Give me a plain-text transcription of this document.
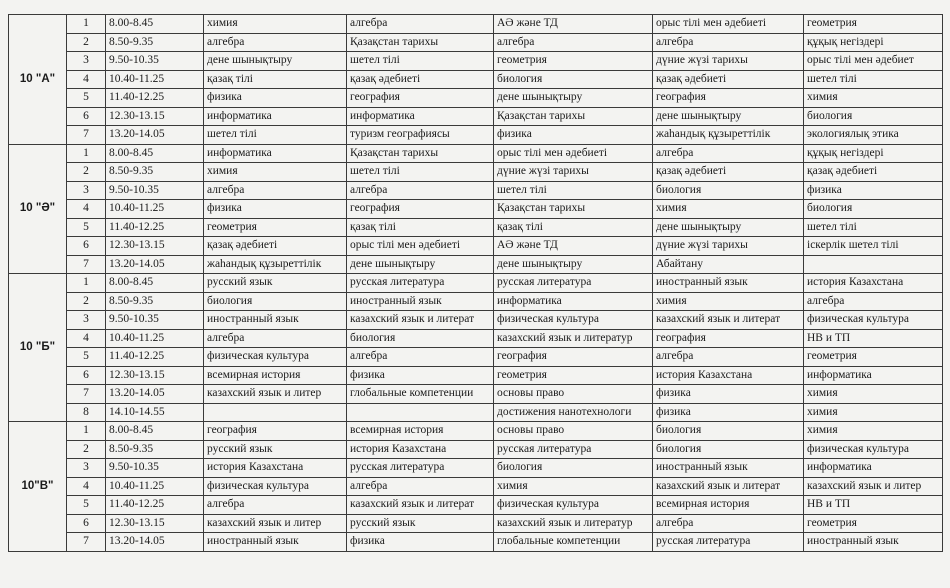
10 "А"	1	8.00-8.45	химия	алгебра	АӘ және ТД	орыс тілі мен әдебиеті	геометрия
	2	8.50-9.35	алгебра	Қазақстан тарихы	алгебра	алгебра	құқық негіздері
	3	9.50-10.35	дене шынықтыру	шетел тілі	геометрия	дүние жүзі тарихы	орыс тілі мен әдебиет
	4	10.40-11.25	қазақ тілі	қазақ әдебиеті	биология	қазақ әдебиеті	шетел тілі
	5	11.40-12.25	физика	география	дене шынықтыру	география	химия
	6	12.30-13.15	информатика	информатика	Қазақстан тарихы	дене шынықтыру	биология
	7	13.20-14.05	шетел тілі	туризм географиясы	физика	жаһандық құзыреттілік	экологиялық этика
10 "Ә"	1	8.00-8.45	информатика	Қазақстан тарихы	орыс тілі мен әдебиеті	алгебра	құқық негіздері
	2	8.50-9.35	химия	шетел тілі	дүние жүзі тарихы	қазақ әдебиеті	қазақ әдебиеті
	3	9.50-10.35	алгебра	алгебра	шетел тілі	биология	физика
	4	10.40-11.25	физика	география	Қазақстан тарихы	химия	биология
	5	11.40-12.25	геометрия	қазақ тілі	қазақ тілі	дене шынықтыру	шетел тілі
	6	12.30-13.15	қазақ әдебиеті	орыс тілі мен әдебиеті	АӘ және ТД	дүние жүзі тарихы	іскерлік шетел тілі
	7	13.20-14.05	жаһандық құзыреттілік	дене шынықтыру	дене шынықтыру	Абайтану	
10 "Б"	1	8.00-8.45	русский язык	русская литература	русская литература	иностранный язык	история Казахстана
	2	8.50-9.35	биология	иностранный язык	информатика	химия	алгебра
	3	9.50-10.35	иностранный язык	казахский язык и литерат	физическая культура	казахский язык и литерат	физическая культура
	4	10.40-11.25	алгебра	биология	казахский язык и литератур	география	НВ и ТП
	5	11.40-12.25	физическая культура	алгебра	география	алгебра	геометрия
	6	12.30-13.15	всемирная история	физика	геометрия	история Казахстана	информатика
	7	13.20-14.05	казахский язык и литер	глобальные компетенции	основы право	физика	химия
	8	14.10-14.55			достижения нанотехнологи	физика	химия
10"В"	1	8.00-8.45	география	всемирная история	основы право	биология	химия
	2	8.50-9.35	русский язык	история Казахстана	русская литература	биология	физическая культура
	3	9.50-10.35	история Казахстана	русская литература	биология	иностранный язык	информатика
	4	10.40-11.25	физическая культура	алгебра	химия	казахский язык и литерат	казахский язык и литер
	5	11.40-12.25	алгебра	казахский язык и литерат	физическая культура	всемирная история	НВ и ТП
	6	12.30-13.15	казахский язык и литер	русский язык	казахский язык и литератур	алгебра	геометрия
	7	13.20-14.05	иностранный язык	физика	глобальные компетенции	русская литература	иностранный язык
